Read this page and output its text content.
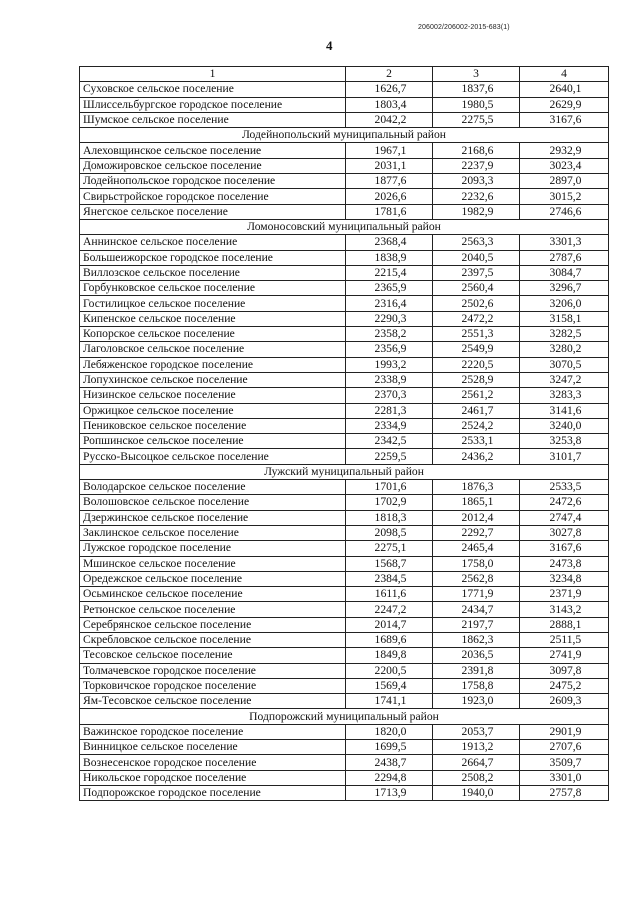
206002/206002-2015-683(1)
4
1	2	3	4
Суховское сельское поселение	1626,7	1837,6	2640,1
Шлиссельбургское городское поселение	1803,4	1980,5	2629,9
Шумское сельское поселение	2042,2	2275,5	3167,6
Лодейнопольский муниципальный район			
Алеховщинское сельское поселение	1967,1	2168,6	2932,9
Доможировское сельское поселение	2031,1	2237,9	3023,4
Лодейнопольское городское поселение	1877,6	2093,3	2897,0
Свирьстройское городское поселение	2026,6	2232,6	3015,2
Янегское сельское поселение	1781,6	1982,9	2746,6
Ломоносовский муниципальный район			
Аннинское сельское поселение	2368,4	2563,3	3301,3
Большеижорское городское поселение	1838,9	2040,5	2787,6
Виллозское сельское поселение	2215,4	2397,5	3084,7
Горбунковское сельское поселение	2365,9	2560,4	3296,7
Гостилицкое сельское поселение	2316,4	2502,6	3206,0
Кипенское сельское поселение	2290,3	2472,2	3158,1
Копорское сельское поселение	2358,2	2551,3	3282,5
Лаголовское сельское поселение	2356,9	2549,9	3280,2
Лебяженское городское поселение	1993,2	2220,5	3070,5
Лопухинское сельское поселение	2338,9	2528,9	3247,2
Низинское сельское поселение	2370,3	2561,2	3283,3
Оржицкое сельское поселение	2281,3	2461,7	3141,6
Пениковское сельское поселение	2334,9	2524,2	3240,0
Ропшинское сельское поселение	2342,5	2533,1	3253,8
Русско-Высоцкое сельское поселение	2259,5	2436,2	3101,7
Лужский муниципальный район			
Володарское сельское поселение	1701,6	1876,3	2533,5
Волошовское сельское поселение	1702,9	1865,1	2472,6
Дзержинское сельское поселение	1818,3	2012,4	2747,4
Заклинское сельское поселение	2098,5	2292,7	3027,8
Лужское городское поселение	2275,1	2465,4	3167,6
Мшинское сельское поселение	1568,7	1758,0	2473,8
Оредежское сельское поселение	2384,5	2562,8	3234,8
Осьминское сельское поселение	1611,6	1771,9	2371,9
Ретюнское сельское поселение	2247,2	2434,7	3143,2
Серебрянское сельское поселение	2014,7	2197,7	2888,1
Скребловское сельское поселение	1689,6	1862,3	2511,5
Тесовское сельское поселение	1849,8	2036,5	2741,9
Толмачевское городское поселение	2200,5	2391,8	3097,8
Торковичское городское поселение	1569,4	1758,8	2475,2
Ям-Тесовское сельское поселение	1741,1	1923,0	2609,3
Подпорожский муниципальный район			
Важинское городское поселение	1820,0	2053,7	2901,9
Винницкое сельское поселение	1699,5	1913,2	2707,6
Вознесенское городское поселение	2438,7	2664,7	3509,7
Никольское городское поселение	2294,8	2508,2	3301,0
Подпорожское городское поселение	1713,9	1940,0	2757,8
